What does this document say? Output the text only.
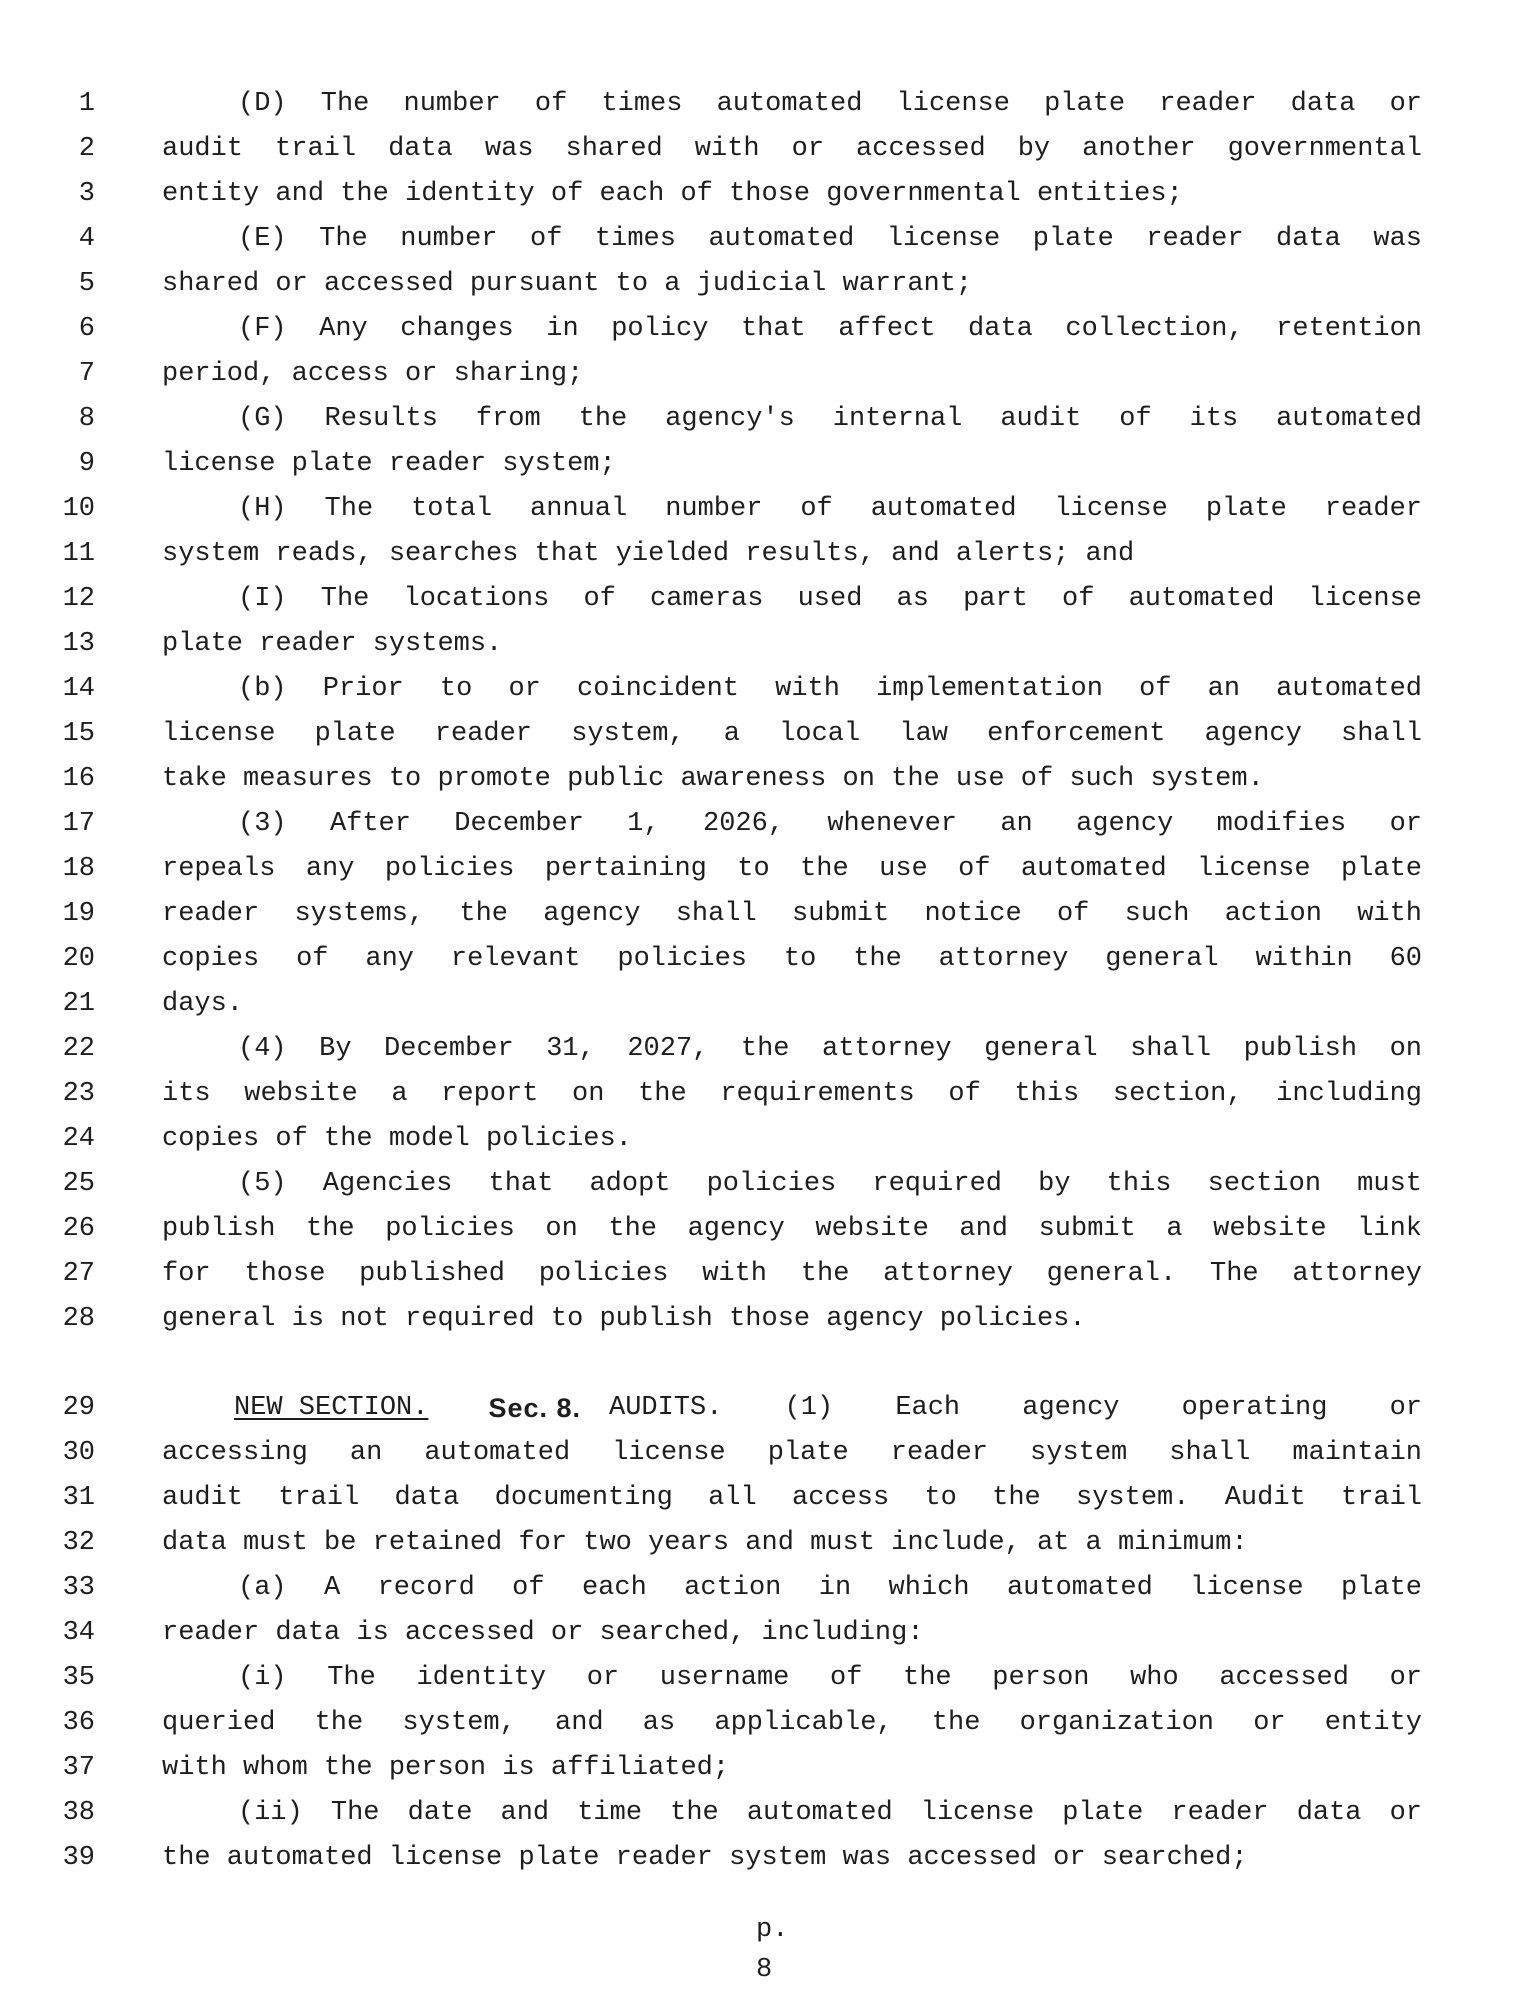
1	(D) The number of times automated license plate reader data or
2 audit trail data was shared with or accessed by another governmental
3 entity and the identity of each of those governmental entities;
4	(E) The number of times automated license plate reader data was
5 shared or accessed pursuant to a judicial warrant;
6	(F) Any changes in policy that affect data collection, retention
7 period, access or sharing;
8	(G) Results from the agency's internal audit of its automated
9 license plate reader system;
10	(H) The total annual number of automated license plate reader
11 system reads, searches that yielded results, and alerts; and
12	(I) The locations of cameras used as part of automated license
13 plate reader systems.
14	(b) Prior to or coincident with implementation of an automated
15 license plate reader system, a local law enforcement agency shall
16 take measures to promote public awareness on the use of such system.
17	(3) After December 1, 2026, whenever an agency modifies or
18 repeals any policies pertaining to the use of automated license plate
19 reader systems, the agency shall submit notice of such action with
20 copies of any relevant policies to the attorney general within 60
21 days.
22	(4) By December 31, 2027, the attorney general shall publish on
23 its website a report on the requirements of this section, including
24 copies of the model policies.
25	(5) Agencies that adopt policies required by this section must
26 publish the policies on the agency website and submit a website link
27 for those published policies with the attorney general. The attorney
28 general is not required to publish those agency policies.
29	NEW SECTION. Sec. 8. AUDITS. (1) Each agency operating or
30 accessing an automated license plate reader system shall maintain
31 audit trail data documenting all access to the system. Audit trail
32 data must be retained for two years and must include, at a minimum:
33	(a) A record of each action in which automated license plate
34 reader data is accessed or searched, including:
35	(i) The identity or username of the person who accessed or
36 queried the system, and as applicable, the organization or entity
37 with whom the person is affiliated;
38	(ii) The date and time the automated license plate reader data or
39 the automated license plate reader system was accessed or searched;
p. 8
